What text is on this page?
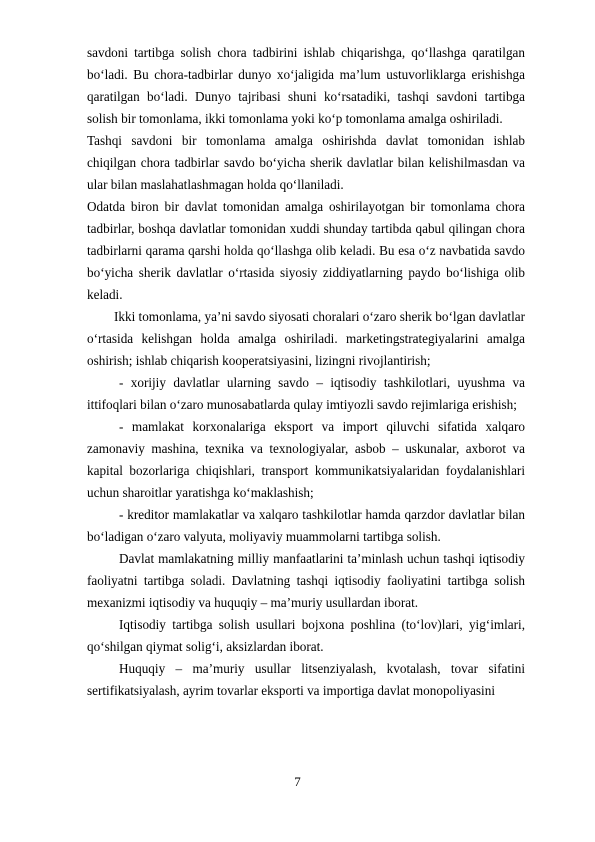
savdoni tartibga solish chora tadbirini ishlab chiqarishga, qo‘llashga qaratilgan bo‘ladi. Bu chora-tadbirlar dunyo xo‘jaligida ma’lum ustuvorliklarga erishishga qaratilgan bo‘ladi. Dunyo tajribasi shuni ko‘rsatadiki, tashqi savdoni tartibga solish bir tomonlama, ikki tomonlama yoki ko‘p tomonlama amalga oshiriladi.

Tashqi savdoni bir tomonlama amalga oshirishda davlat tomonidan ishlab chiqilgan chora tadbirlar savdo bo‘yicha sherik davlatlar bilan kelishilmasdan va ular bilan maslahatlashmagan holda qo‘llaniladi.

Odatda biron bir davlat tomonidan amalga oshirilayotgan bir tomonlama chora tadbirlar, boshqa davlatlar tomonidan xuddi shunday tartibda qabul qilingan chora tadbirlarni qarama qarshi holda qo‘llashga olib keladi. Bu esa o‘z navbatida savdo bo‘yicha sherik davlatlar o‘rtasida siyosiy ziddiyatlarning paydo bo‘lishiga olib keladi.

Ikki tomonlama, ya’ni savdo siyosati choralari o‘zaro sherik bo‘lgan davlatlar o‘rtasida kelishgan holda amalga oshiriladi. marketingstrategiyalarini amalga oshirish; ishlab chiqarish kooperatsiyasini, lizingni rivojlantirish;

- xorijiy davlatlar ularning savdo – iqtisodiy tashkilotlari, uyushma va ittifoqlari bilan o‘zaro munosabatlarda qulay imtiyozli savdo rejimlariga erishish;

- mamlakat korxonalariga eksport va import qiluvchi sifatida xalqaro zamonaviy mashina, texnika va texnologiyalar, asbob – uskunalar, axborot va kapital bozorlariga chiqishlari, transport kommunikatsiyalaridan foydalanishlari uchun sharoitlar yaratishga ko‘maklashish;

- kreditor mamlakatlar va xalqaro tashkilotlar hamda qarzdor davlatlar bilan bo‘ladigan o‘zaro valyuta, moliyaviy muammolarni tartibga solish.

Davlat mamlakatning milliy manfaatlarini ta’minlash uchun tashqi iqtisodiy faoliyatni tartibga soladi. Davlatning tashqi iqtisodiy faoliyatini tartibga solish mexanizmi iqtisodiy va huquqiy – ma’muriy usullardan iborat.

Iqtisodiy tartibga solish usullari bojxona poshlina (to‘lov)lari, yig‘imlari, qo‘shilgan qiymat solig‘i, aksizlardan iborat.

Huquqiy – ma’muriy usullar litsenziyalash, kvotalash, tovar sifatini sertifikatsiyalash, ayrim tovarlar eksporti va importiga davlat monopoliyasini

7
